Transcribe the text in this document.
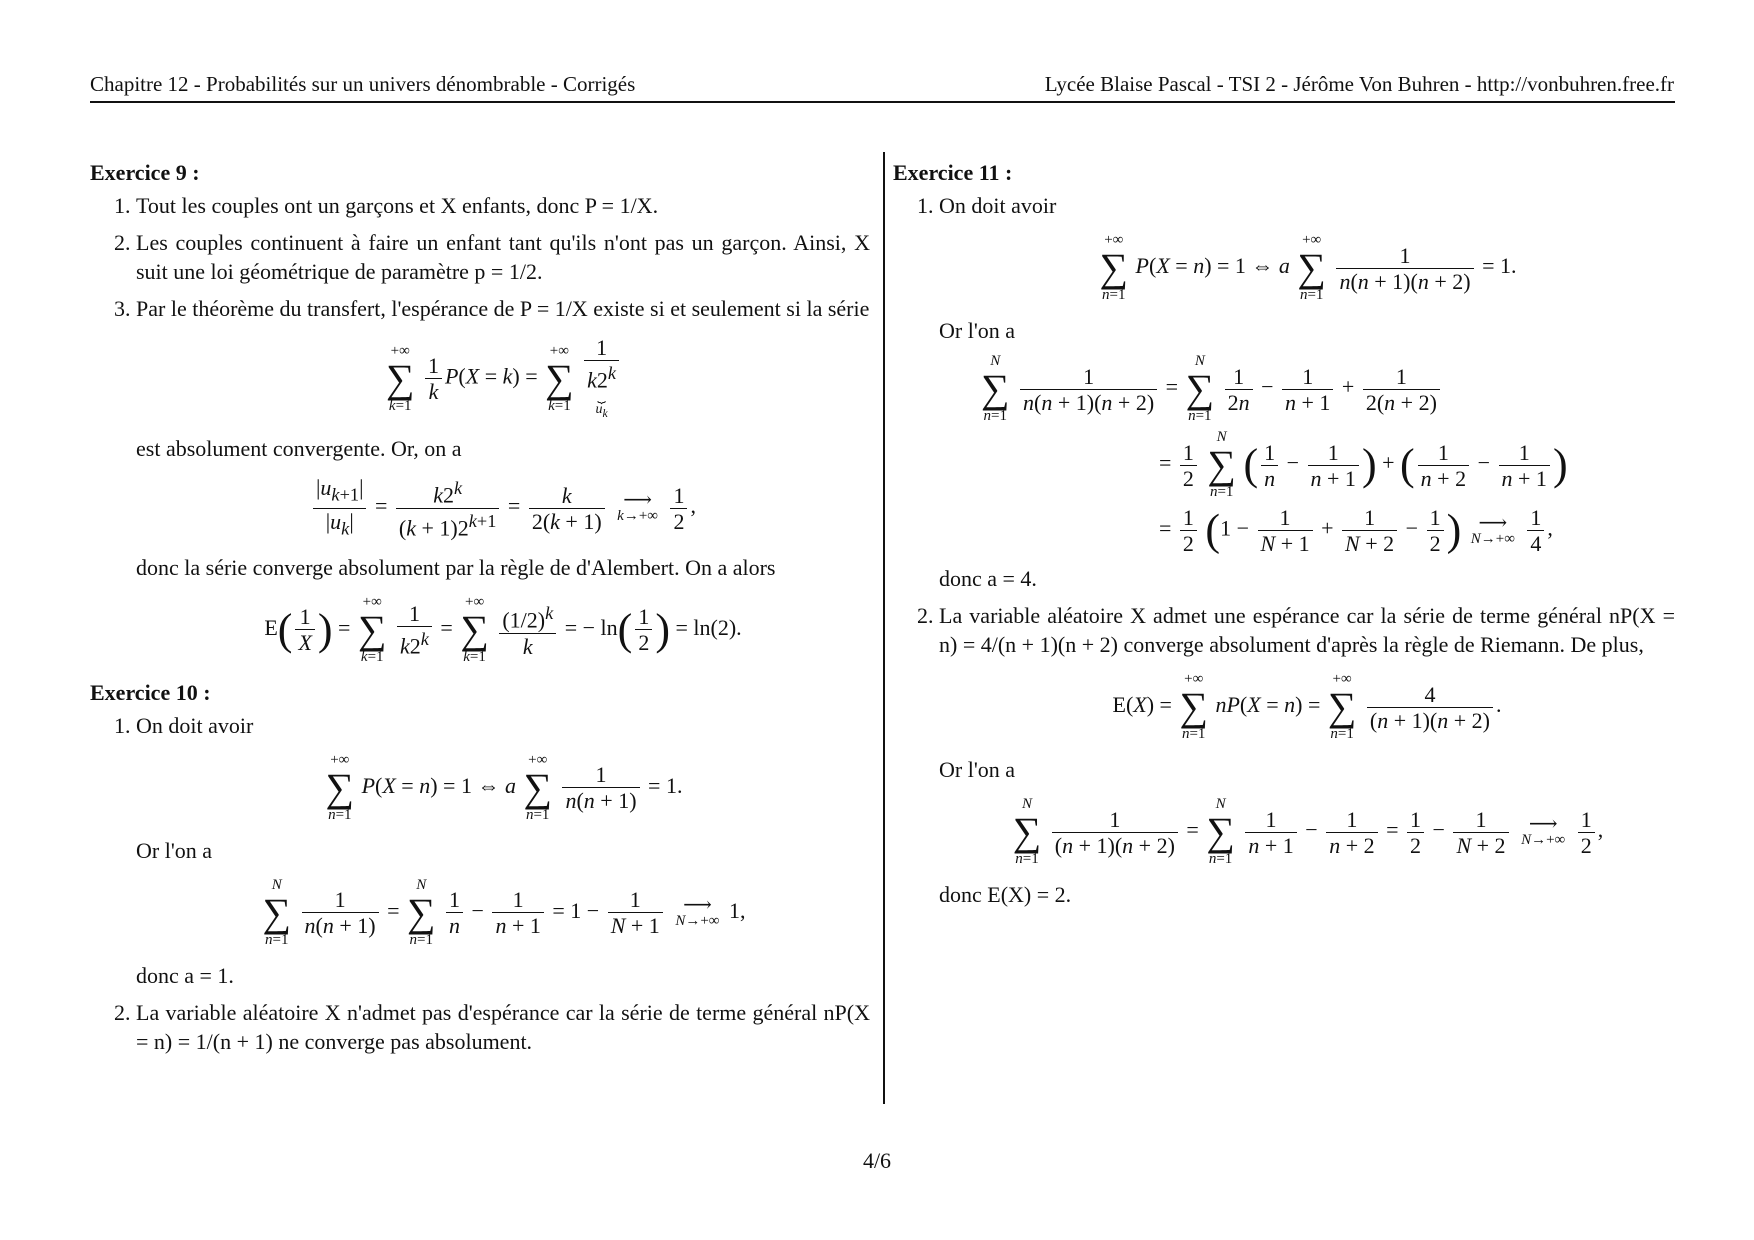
Chapitre 12 - Probabilités sur un univers dénombrable - Corrigés	Lycée Blaise Pascal - TSI 2 - Jérôme Von Buhren - http://vonbuhren.free.fr
Exercice 9 :
1. Tout les couples ont un garçons et X enfants, donc P = 1/X.
2. Les couples continuent à faire un enfant tant qu'ils n'ont pas un garçon. Ainsi, X suit une loi géométrique de paramètre p = 1/2.
3. Par le théorème du transfert, l'espérance de P = 1/X existe si et seulement si la série
+∞
∑
k=1

$\frac{1}{k} P(X = k)$ =
+∞
∑
k=1
1
k2$^k$
⏟
$u_k$
est absolument convergente. Or, on a
$\frac{|u_{k+1}|}{|u_k|} = \frac{k2^k}{(k + 1)2^{k+1}} = \frac{k}{2(k + 1)}$
⟶
k→+∞
$\frac{1}{2}$ ,
donc la série converge absolument par la règle de d'Alembert. On a alors
$E( \frac{1}{X}$ ) =
+∞
∑
k=1
$\frac{1}{k2^k}$ =
+∞
∑
k=1
$\frac{(1/2)^k}{k}$ = − $\ln( \frac{1}{2}$ ) = ln(2).
Exercice 10 :
1. On doit avoir
+∞
∑
n=1
P(X = n) = 1 ⇔ a
+∞
∑
n=1

$\frac{1}{n(n + 1)} = 1$.
Or l'on a
N
∑
n=1

$\frac{1}{n(n + 1)}$ =
N
∑
n=1

$\frac{1}{n} - \frac{1}{n + 1} = 1 - \frac{1}{N + 1}$
	⟶
N→+∞ 1,
donc a = 1.
2. La variable aléatoire X n'admet pas d'espérance car la série de terme général nP(X = n) = 1/(n + 1) ne converge pas absolument.
Exercice 11 :
1. On doit avoir
+∞
∑
n=1
P(X = n) = 1 ⇔ a
+∞
∑
n=1

$\frac{1}{n(n + 1)(n + 2)} = 1$.
Or l'on a
N
∑
n=1

$\frac{1}{n(n + 1)(n + 2)}$ =
N
∑
n=1

$\frac{1}{2n} - \frac{1}{n + 1} + \frac{1}{2(n + 2)}$
= $\frac{1}{2}$

N
∑
n=1
( $\frac{1}{n} - \frac{1}{n + 1}$ ) + ( $\frac{1}{n + 2} - \frac{1}{n + 1}$ )
= $\frac{1}{2} (1 - \frac{1}{N + 1} + \frac{1}{N + 2} - \frac{1}{2}$ ) ⟶
N→+∞
$\frac{1}{4}$ ,
donc a = 4.
2. La variable aléatoire X admet une espérance car la série de terme général nP(X = n) = 4/(n + 1)(n + 2) converge absolument d'après la règle de Riemann. De plus,
E(X) =
+∞
∑
n=1
nP(X = n) =
+∞
∑
n=1

$\frac{4}{(n + 1)(n + 2)}$ .
Or l'on a
N
∑
n=1

$\frac{1}{(n + 1)(n + 2)}$ =
N
∑
n=1

$\frac{1}{n + 1} - \frac{1}{n + 2} = \frac{1}{2} - \frac{1}{N + 2}$
	⟶
N→+∞
$\frac{1}{2}$ ,
donc E(X) = 2.
4/6
